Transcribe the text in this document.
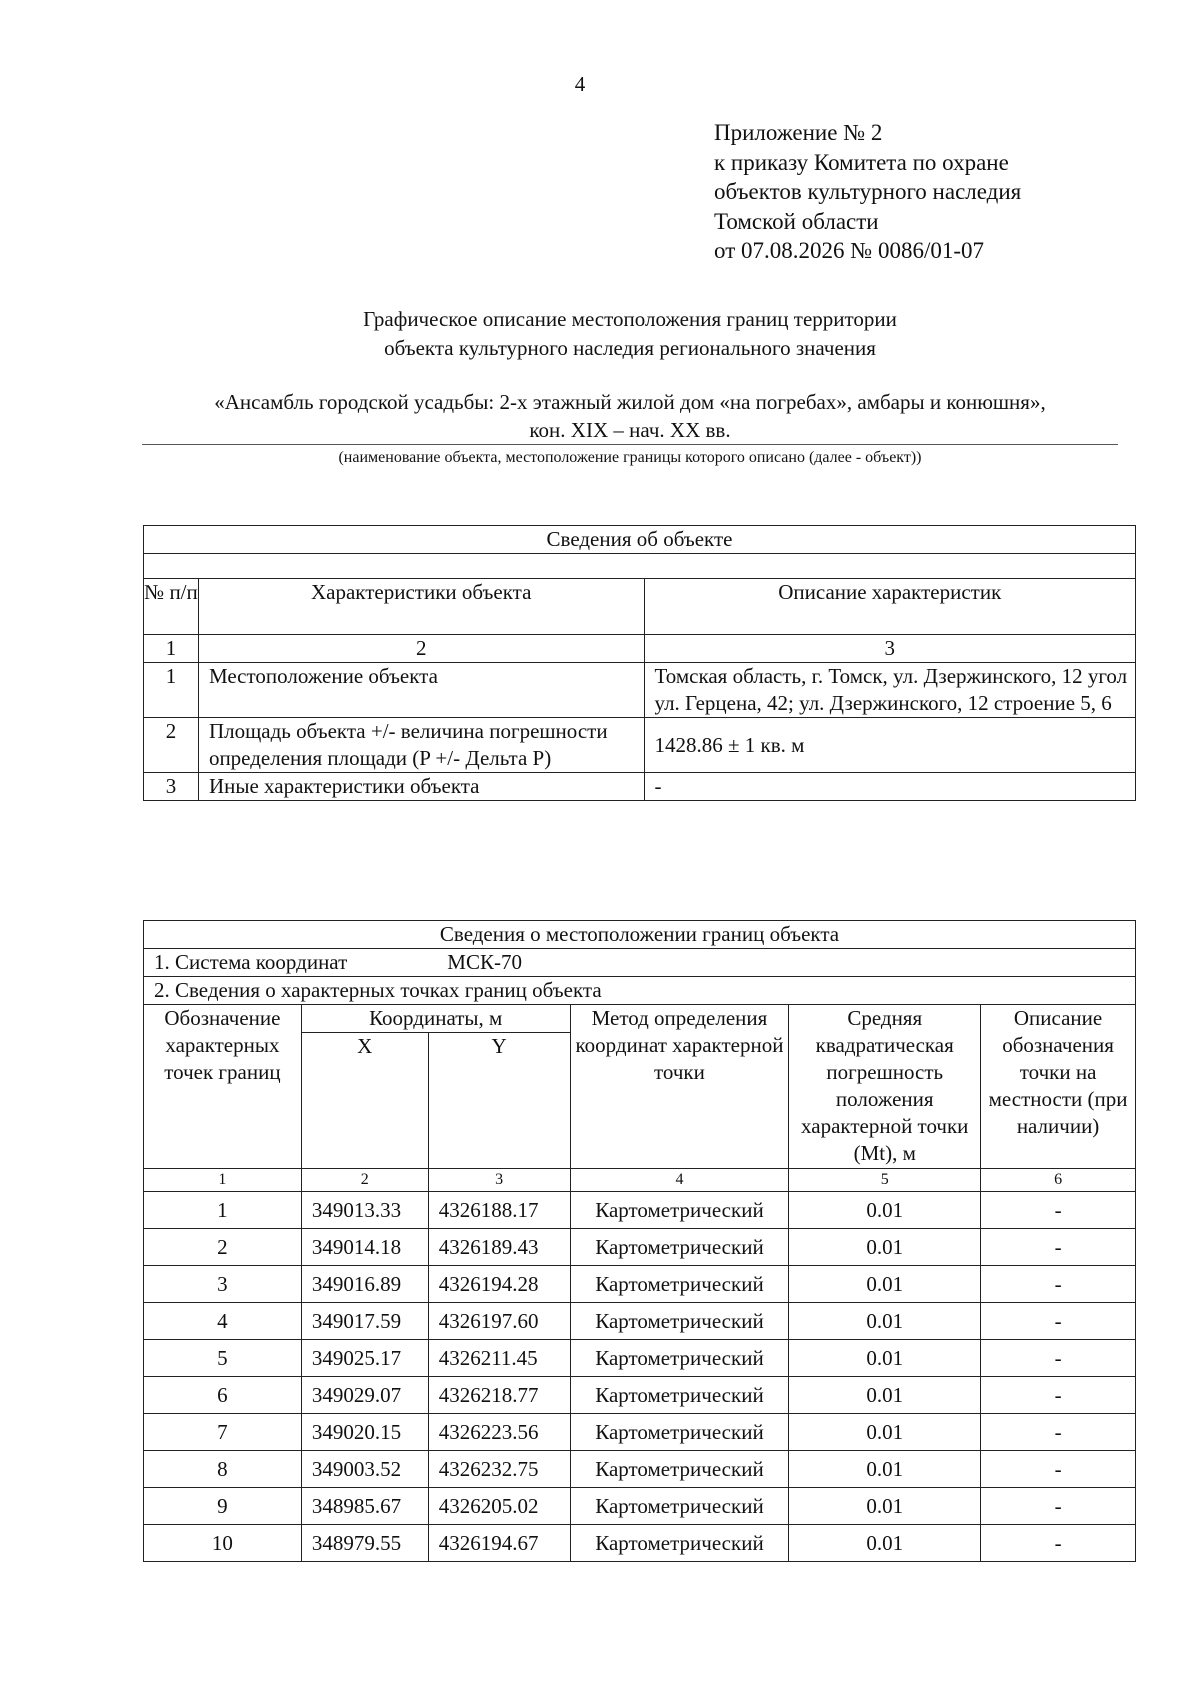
4
Приложение № 2
к приказу Комитета по охране
объектов культурного наследия
Томской области
от 07.08.2026 № 0086/01-07
Графическое описание местоположения границ территории
объекта культурного наследия регионального значения
«Ансамбль городской усадьбы: 2-х этажный жилой дом «на погребах», амбары и конюшня»,
кон. XIX – нач. XX вв.
(наименование объекта, местоположение границы которого описано (далее - объект))
Сведения об объекте		

№ п/п	Характеристики объекта	Описание характеристик
1	2	3
1	Местоположение объекта	Томская область, г. Томск, ул. Дзержинского, 12 угол ул. Герцена, 42; ул. Дзержинского, 12 строение 5, 6
2	Площадь объекта +/- величина погрешности определения площади (P +/- Дельта P)	1428.86 ± 1 кв. м
3	Иные характеристики объекта	-
Сведения о местоположении границ объекта					
1. Система координат МСК-70					
2. Сведения о характерных точках границ объекта					
Обозначение характерных точек границ	Координаты, м		Метод определения координат характерной точки	Средняя квадратическая погрешность положения характерной точки (Mt), м	Описание обозначения точки на местности (при наличии)
	X	Y			
1	2	3	4	5	6
1	349013.33	4326188.17	Картометрический	0.01	-
2	349014.18	4326189.43	Картометрический	0.01	-
3	349016.89	4326194.28	Картометрический	0.01	-
4	349017.59	4326197.60	Картометрический	0.01	-
5	349025.17	4326211.45	Картометрический	0.01	-
6	349029.07	4326218.77	Картометрический	0.01	-
7	349020.15	4326223.56	Картометрический	0.01	-
8	349003.52	4326232.75	Картометрический	0.01	-
9	348985.67	4326205.02	Картометрический	0.01	-
10	348979.55	4326194.67	Картометрический	0.01	-
